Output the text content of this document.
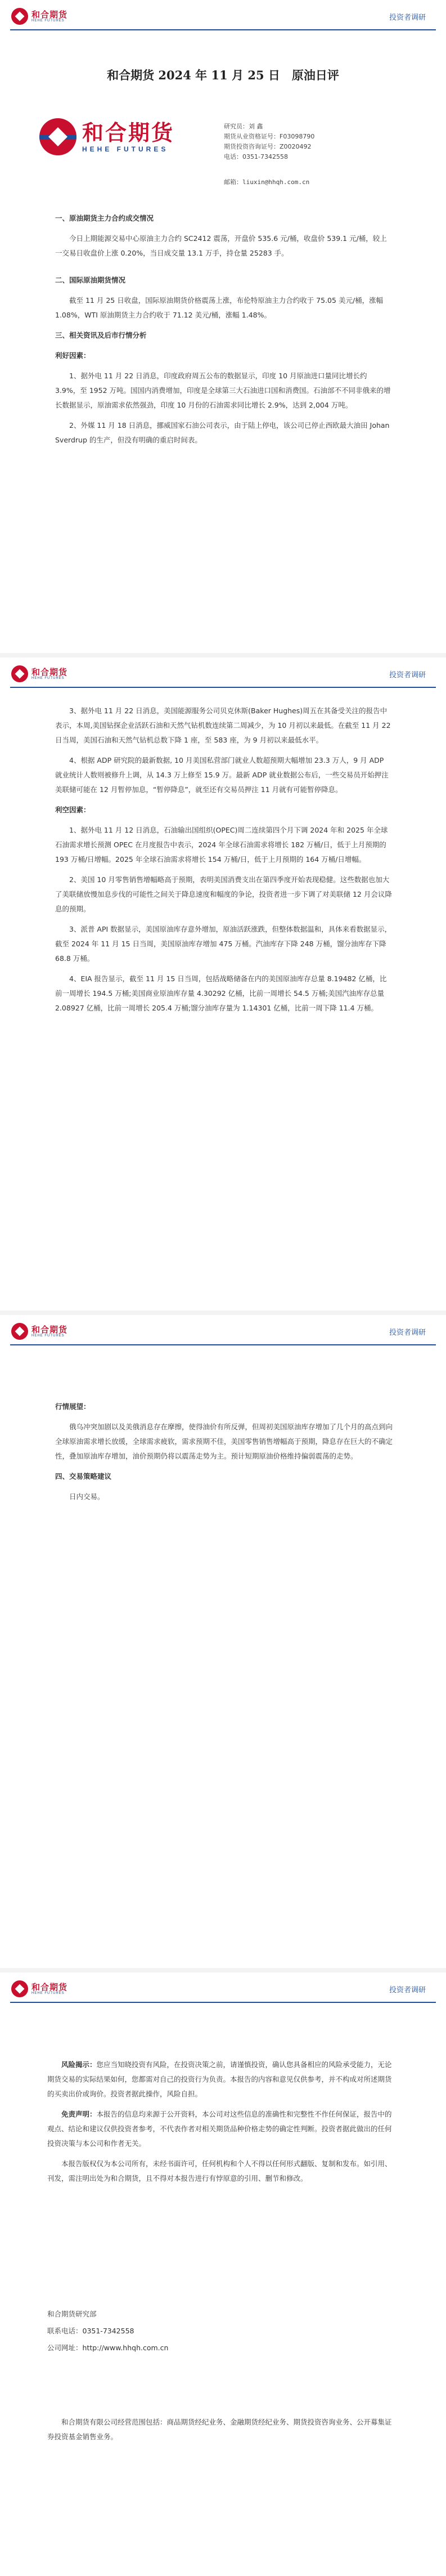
和合期货
HEHE FUTURES	投资者调研
和合期货 2024 年 11 月 25 日　原油日评
和合期货
HEHE FUTURES
研究员：刘 鑫
期货从业资格证号：F03098790
期货投资咨询证号：Z0020492
电话：0351-7342558
邮箱：liuxin@hhqh.com.cn
一、原油期货主力合约成交情况

今日上期能源交易中心原油主力合约 SC2412 震荡，开盘价 535.6 元/桶，收盘价 539.1 元/桶，较上一交易日收盘价上涨 0.20%，当日成交量 13.1 万手，持仓量 25283 手。

二、国际原油期货情况

截至 11 月 25 日收盘，国际原油期货价格震荡上涨，布伦特原油主力合约收于 75.05 美元/桶，涨幅 1.08%，WTI 原油期货主力合约收于 71.12 美元/桶，涨幅 1.48%。

三、相关资讯及后市行情分析
利好因素：

1、据外电 11 月 22 日消息，印度政府周五公布的数据显示，印度 10 月原油进口量同比增长约 3.9%，至 1952 万吨。国国内消费增加，印度是全球第三大石油进口国和消费国。石油部不不同非俄来的增长数据显示，原油需求依然强劲，印度 10 月份的石油需求同比增长 2.9%，达到 2,004 万吨。

2、外媒 11 月 18 日消息，挪威国家石油公司表示，由于陆上停电，该公司已停止西欧最大油田 Johan Sverdrup 的生产，但没有明确的重启时间表。

和合期货
HEHE FUTURES	投资者调研

3、据外电 11 月 22 日消息，美国能源服务公司贝克休斯(Baker Hughes)周五在其备受关注的报告中表示，本周,美国钻探企业活跃石油和天然气钻机数连续第二周减少，为 10 月初以来最低。在截至 11 月 22 日当周，美国石油和天然气钻机总数下降 1 座，至 583 座，为 9 月初以来最低水平。

4、根据 ADP 研究院的最新数据, 10 月美国私营部门就业人数超预期大幅增加 23.3 万人，9 月 ADP 就业统计人数则被修升上调，从 14.3 万上修至 15.9 万。最新 ADP 就业数据公布后，一些交易员开始押注美联储可能在 12 月暂停加息，“暂停降息”，就至还有交易员押注 11 月就有可能暂停降息。

利空因素：

1、据外电 11 月 12 日消息，石油输出国组织(OPEC)周二连续第四个月下调 2024 年和 2025 年全球石油需求增长预测 OPEC 在月度报告中表示，2024 年全球石油需求将增长 182 万桶/日，低于上月预期的 193 万桶/日增幅。2025 年全球石油需求将增长 154 万桶/日，低于上月预期的 164 万桶/日增幅。

2、美国 10 月零售销售增幅略高于预期，表明美国消费支出在第四季度开始表现稳健。这些数据也加大了美联储放慢加息步伐的可能性之间关于降息速度和幅度的争论，投资者进一步下调了对美联储 12 月会议降息的预期。

3、派普 API 数据显示，美国原油库存意外增加，原油活跃涨跌，但整体数据温和，具体来看数据显示，截至 2024 年 11 月 15 日当周，美国原油库存增加 475 万桶。汽油库存下降 248 万桶，馏分油库存下降 68.8 万桶。

4、EIA 报告显示，截至 11 月 15 日当周，包括战略储备在内的美国原油库存总量 8.19482 亿桶，比前一周增长 194.5 万桶;美国商业原油库存量 4.30292 亿桶，比前一周增长 54.5 万桶;美国汽油库存总量 2.08927 亿桶，比前一周增长 205.4 万桶;馏分油库存量为 1.14301 亿桶，比前一周下降 11.4 万桶。

和合期货
HEHE FUTURES	投资者调研
行情展望：

俄乌冲突加剧以及美俄消息存在摩擦，使得油价有所反弹，但周初美国原油库存增加了几个月的高点到向全球原油需求增长放缓，全球需求疲软，需求预期不佳，美国零售销售增幅高于预期，降息存在巨大的不确定性，叠加原油库存增加，油价预期仍将以震荡走势为主。预计短期原油价格维持偏弱震荡的走势。

四、交易策略建议

日内交易。

和合期货
HEHE FUTURES	投资者调研

风险揭示：您应当知晓投资有风险，在投资决策之前，请谨慎投资，确认您具备相应的风险承受能力，无论期货交易的实际结果如何，您都需对自己的投资行为负责。本报告的内容和意见仅供参考，并不构成对所述期货的买卖出价或询价。投资者据此操作，风险自担。

免责声明：本报告的信息均来源于公开资料，本公司对这些信息的准确性和完整性不作任何保证，报告中的观点、结论和建议仅供投资者参考，不代表作者对相关期货品种价格走势的确定性判断。投资者据此做出的任何投资决策与本公司和作者无关。

本报告版权仅为本公司所有，未经书面许可，任何机构和个人不得以任何形式翻版、复制和发布。如引用、刊发，需注明出处为和合期货，且不得对本报告进行有悖原意的引用、删节和修改。

和合期货研究部
联系电话：0351-7342558
公司网址：http://www.hhqh.com.cn
和合期货有限公司经营范围包括：商品期货经纪业务、金融期货经纪业务、期货投资咨询业务、公开募集证券投资基金销售业务。
